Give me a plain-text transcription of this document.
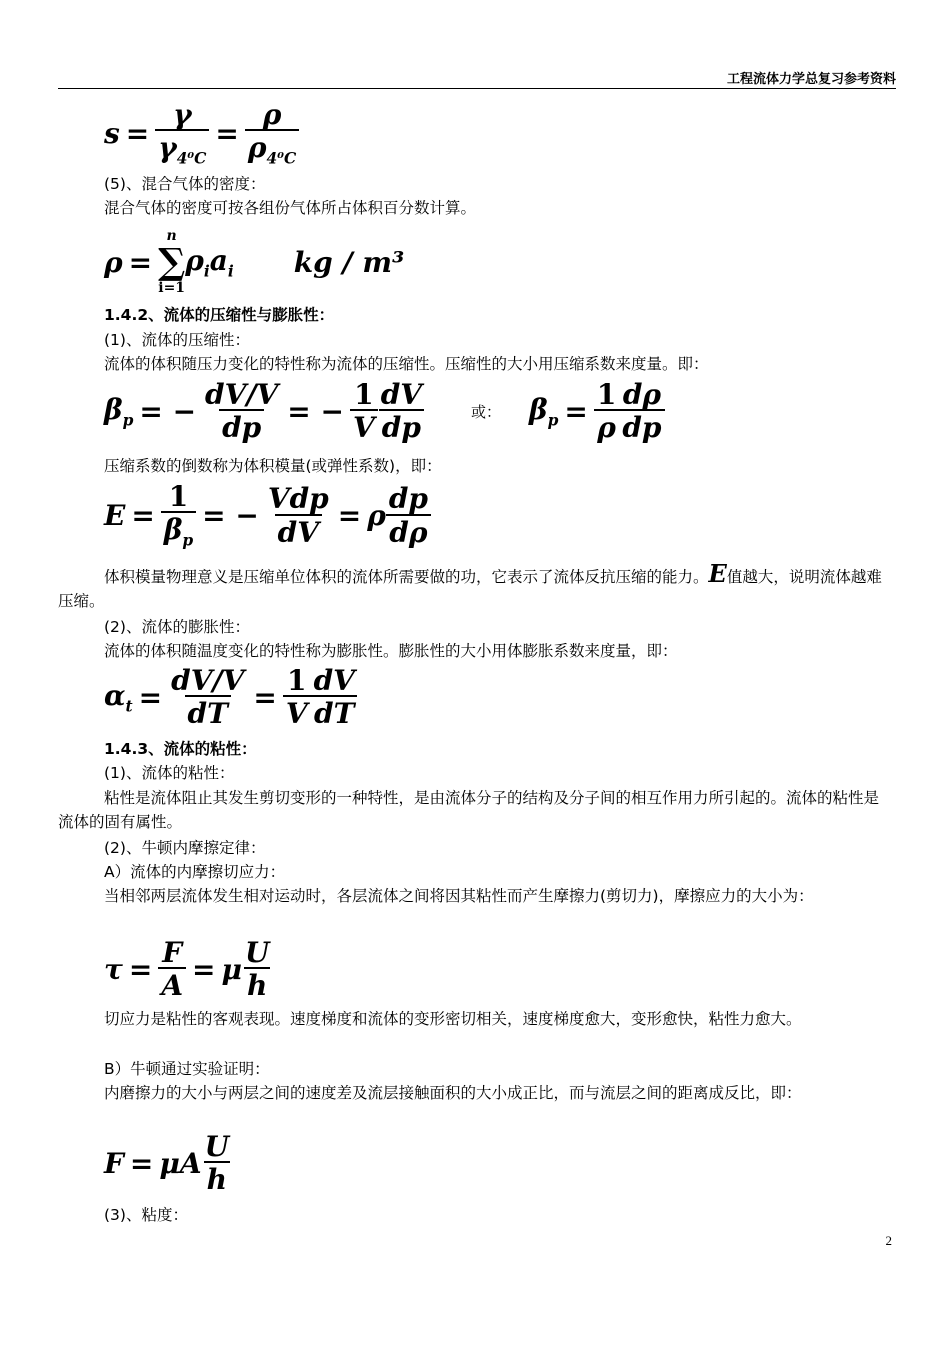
工程流体力学总复习参考资料
$s = \frac{\gamma}{\gamma_{4^0C}} = \frac{\rho}{\rho_{4^0C}}$
(5)、混合气体的密度：
混合气体的密度可按各组份气体所占体积百分数计算。
ρ =
n
∑
i=1
$\rho_ia_i$ kg / m³
1.4.2、流体的压缩性与膨胀性：
(1)、流体的压缩性：
流体的体积随压力变化的特性称为流体的压缩性。压缩性的大小用压缩系数来度量。即：
$\beta_p$ = − $\frac{dV/V}{dp}$ = − $\frac{1}{V}$ dV
dp	或： $\beta_p = \frac{1}{\rho}$ dρ
dp
压缩系数的倒数称为体积模量(或弹性系数)，即：
$E = \frac{1}{\beta_p}$ = −
Vdp
dV = ρ
dp
dρ
体积模量物理意义是压缩单位体积的流体所需要做的功，它表示了流体反抗压缩的能力。E值越大，说明流体越难压缩。
(2)、流体的膨胀性：
流体的体积随温度变化的特性称为膨胀性。膨胀性的大小用体膨胀系数来度量，即：
$\alpha_t = \frac{dV/V}{dT} = \frac{1}{V}$ dV
dT
1.4.3、流体的粘性：
(1)、流体的粘性：
粘性是流体阻止其发生剪切变形的一种特性，是由流体分子的结构及分子间的相互作用力所引起的。流体的粘性是流体的固有属性。
(2)、牛顿内摩擦定律：
A）流体的内摩擦切应力：
当相邻两层流体发生相对运动时，各层流体之间将因其粘性而产生摩擦力(剪切力)，摩擦应力的大小为：
$\tau = \frac{F}{A} = \mu$
U
h
切应力是粘性的客观表现。速度梯度和流体的变形密切相关，速度梯度愈大，变形愈快，粘性力愈大。
B）牛顿通过实验证明：
内磨擦力的大小与两层之间的速度差及流层接触面积的大小成正比，而与流层之间的距离成反比，即：
F = μA
U
h
(3)、粘度：
2
